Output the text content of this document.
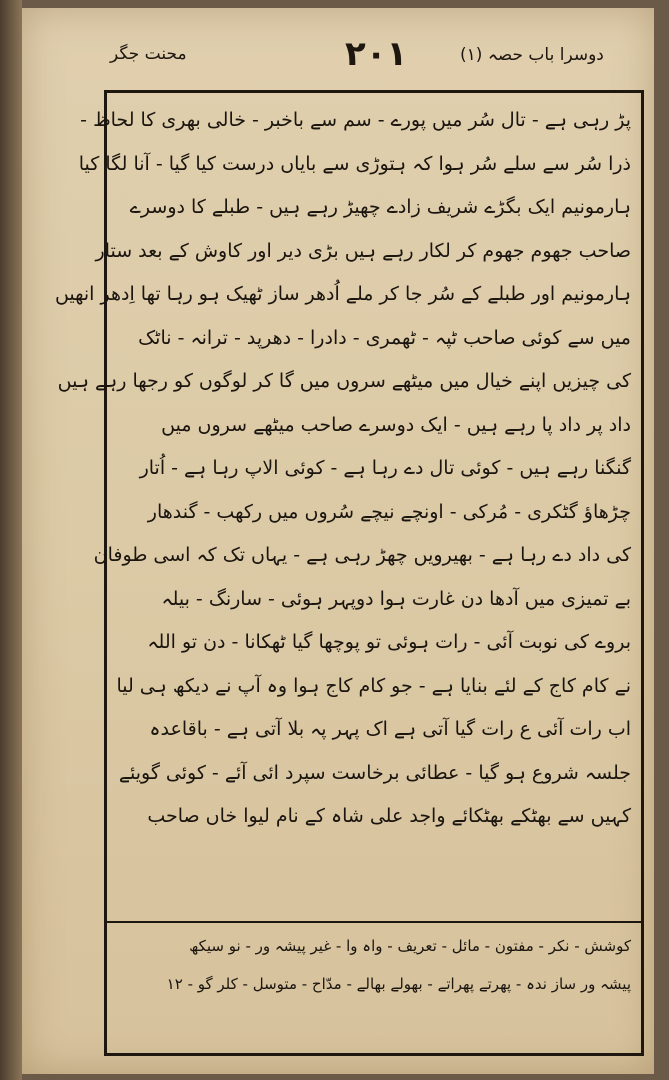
محنت جگر	۲۰۱	دوسرا باب حصہ (۱)
پڑ رہی ہے - تال سُر میں پورے - سم سے باخبر - خالی بھری کا لحاظ -
ذرا سُر سے سلے سُر ہوا کہ ہتوڑی سے بایاں درست کیا گیا - آنا لگا کیا
ہارمونیم ایک بگڑے شریف زادے چھیڑ رہے ہیں - طبلے کا دوسرے
صاحب جھوم جھوم کر لکار رہے ہیں بڑی دیر اور کاوش کے بعد ستار
ہارمونیم اور طبلے کے سُر جا کر ملے اُدھر ساز ٹھیک ہو رہا تھا اِدھر انھیں
میں سے کوئی صاحب ٹپہ - ٹھمری - دادرا - دھرپد - ترانہ - ناٹک
کی چیزیں اپنے خیال میں میٹھے سروں میں گا کر لوگوں کو رجھا رہے ہیں
داد پر داد پا رہے ہیں - ایک دوسرے صاحب میٹھے سروں میں
گنگنا رہے ہیں - کوئی تال دے رہا ہے - کوئی الاپ رہا ہے - اُتار
چڑھاؤ گٹکری - مُرکی - اونچے نیچے سُروں میں رکھب - گندھار
کی داد دے رہا ہے - بھیرویں چھڑ رہی ہے - یہاں تک کہ اسی طوفان
بے تمیزی میں آدھا دن غارت ہوا دوپہر ہوئی - سارنگ - بیلہ
بروے کی نوبت آئی - رات ہوئی تو پوچھا گیا ٹھکانا - دن تو اللہ
نے کام کاج کے لئے بنایا ہے - جو کام کاج ہوا وہ آپ نے دیکھ ہی لیا
اب رات آئی ع رات گیا آتی ہے اک پہر پہ بلا آتی ہے - باقاعدہ
جلسہ شروع ہو گیا - عطائی برخاست سپرد ائی آئے - کوئی گویئے
کہیں سے بھٹکے بھٹکائے واجد علی شاہ کے نام لیوا خاں صاحب
کوشش - نکر - مفتون - مائل - تعریف - واہ وا - غیر پیشہ ور - نو سیکھ
پیشہ ور ساز ندہ - پھرتے پھراتے - بھولے بھالے - مدّاح - متوسل - کلر گو - ۱۲
